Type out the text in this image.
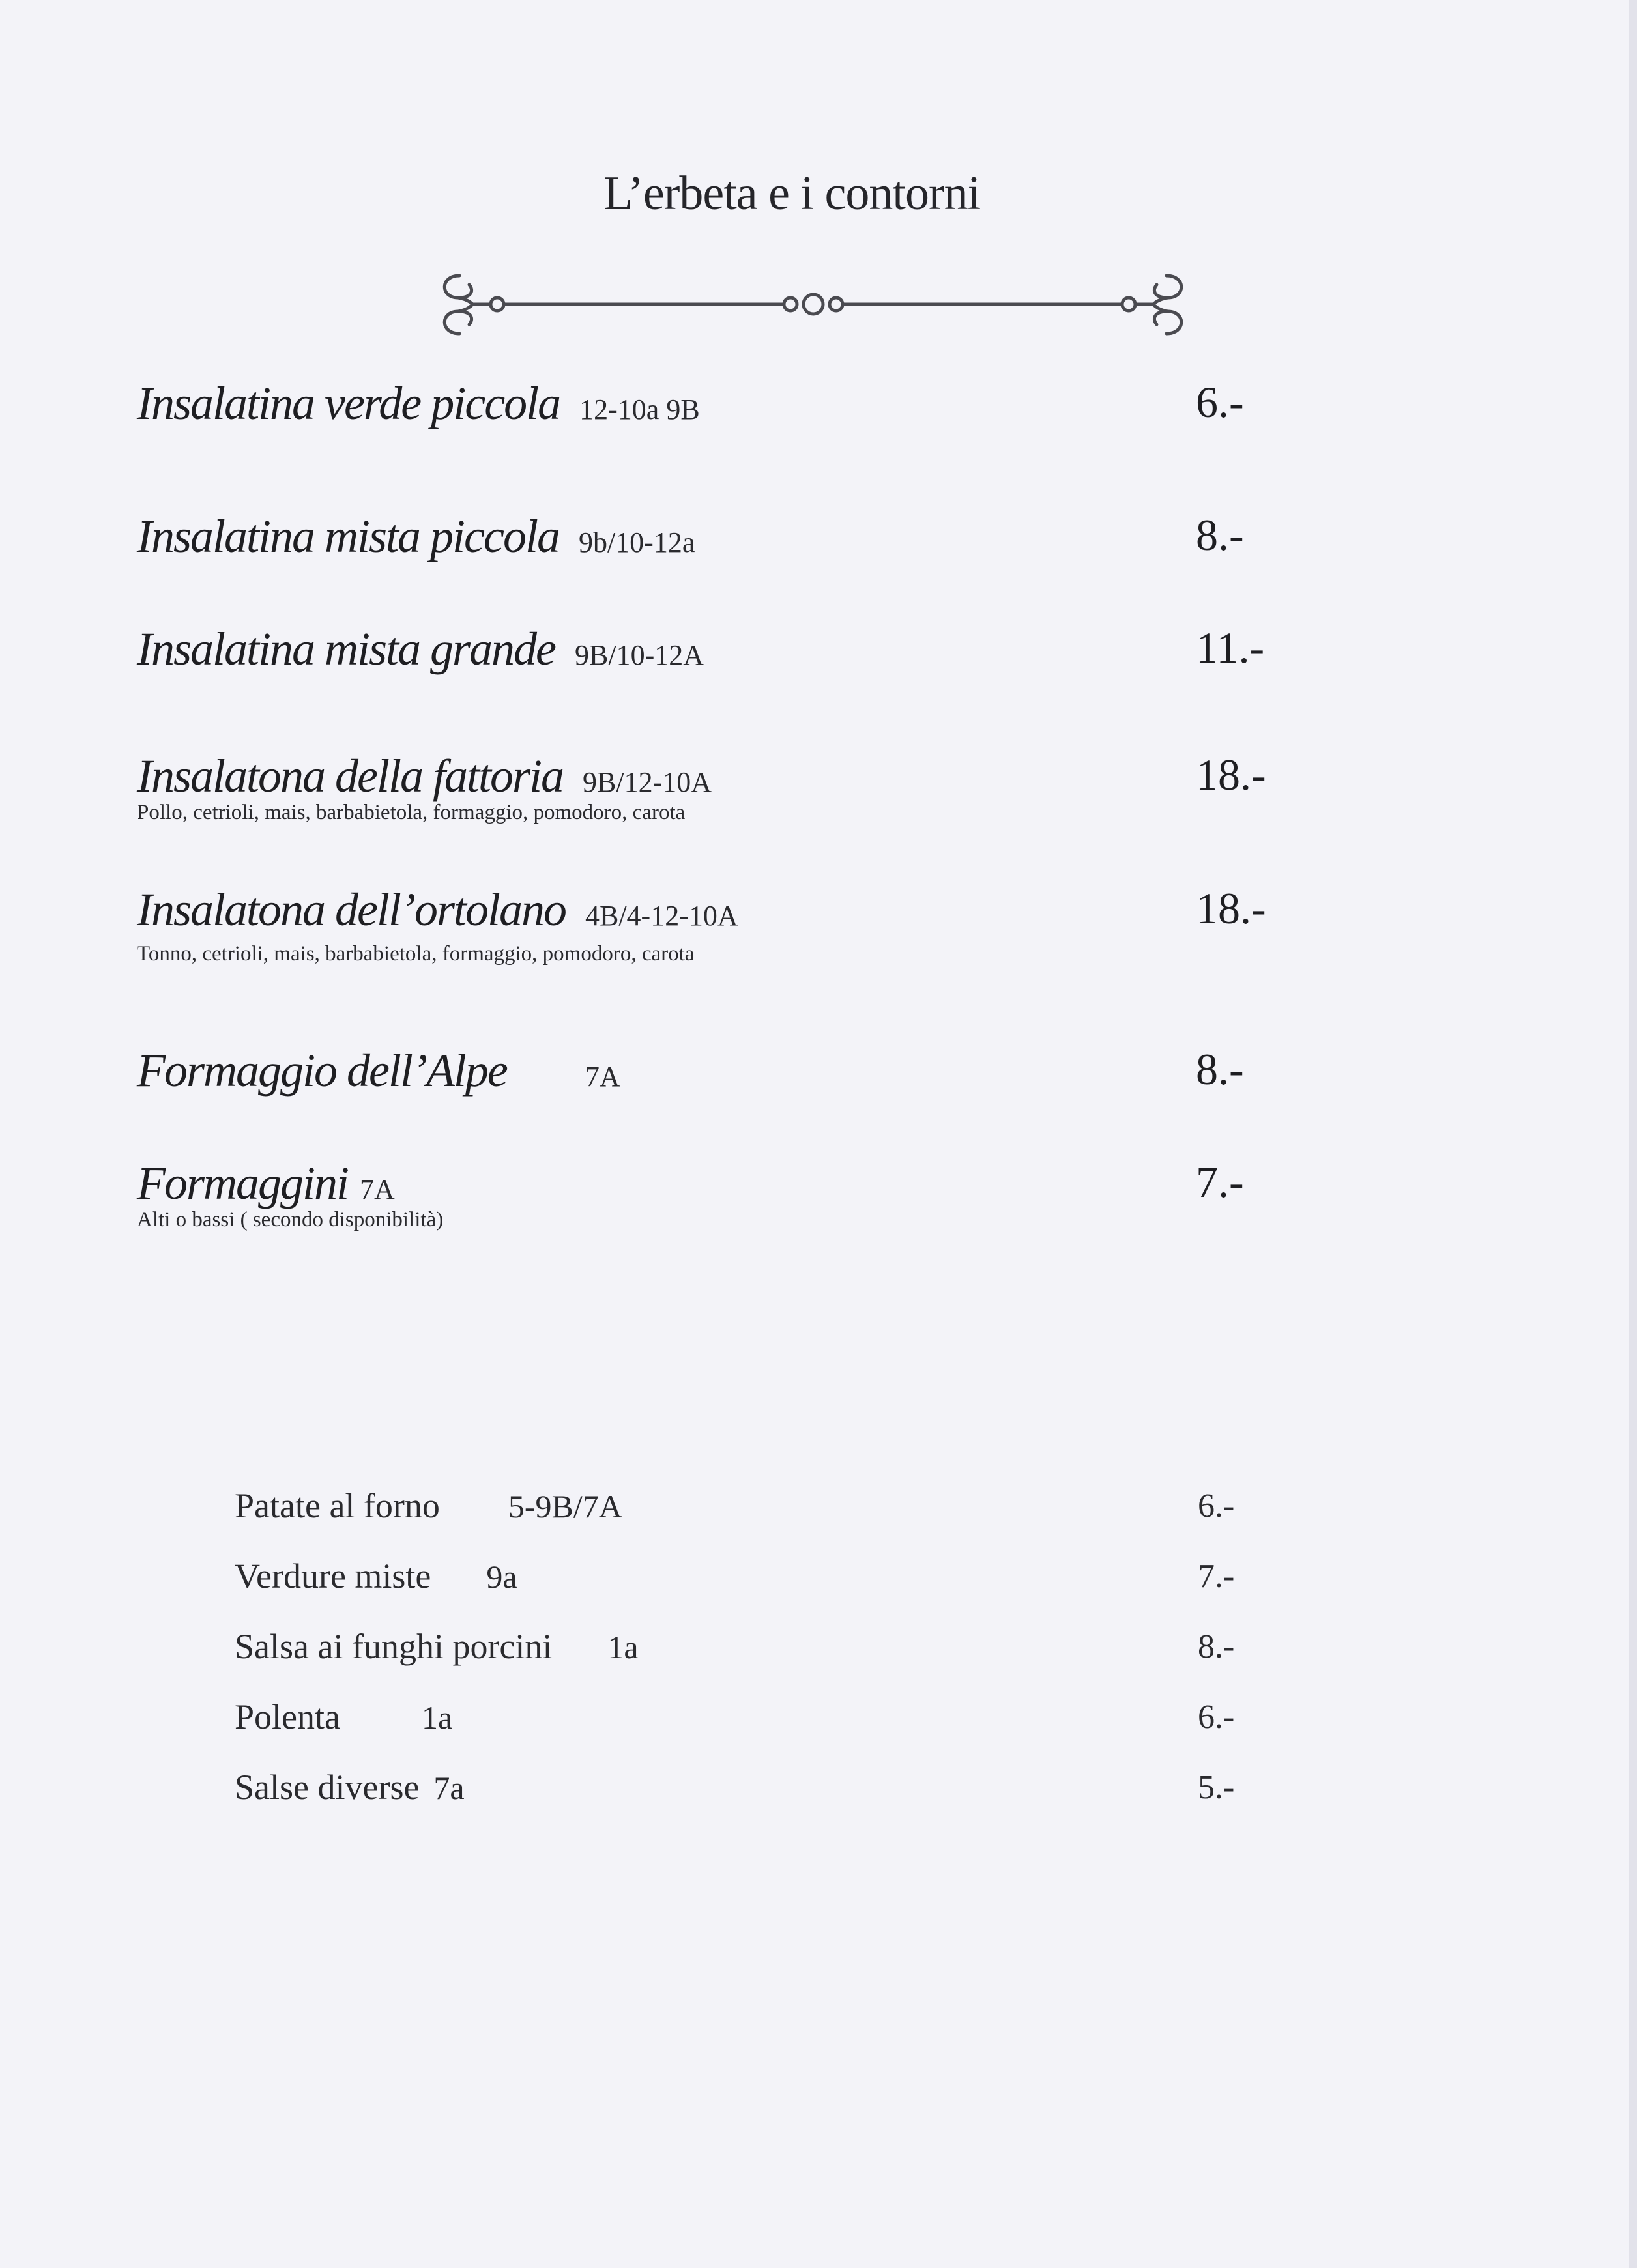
L’erbeta e i contorni
Insalatina verde piccola 12-10a 9B	6.-
Insalatina mista piccola 9b/10-12a	8.-
Insalatina mista grande 9B/10-12A	11.-
Insalatona della fattoria 9B/12-10A	18.-
Pollo, cetrioli, mais, barbabietola, formaggio, pomodoro, carota
Insalatona dell’ortolano 4B/4-12-10A	18.-
Tonno, cetrioli, mais, barbabietola, formaggio, pomodoro, carota
Formaggio dell’Alpe	7A	8.-
Formaggini 7A	7.-
Alti o bassi ( secondo disponibilità)
Patate al forno 5-9B/7A	6.-
Verdure miste 9a	7.-
Salsa ai funghi porcini 1a	8.-
Polenta	1a	6.-
Salse diverse 7a	5.-
